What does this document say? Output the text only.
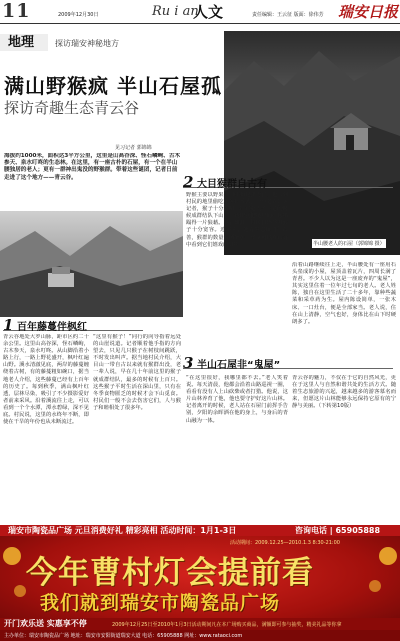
11	2009年12月30日	Ru i an
人文	责任编辑：王云征 版面：徐伟芳 瑞安日报
地理	探访瑞安神秘地方
满山野猴疯 半山石屋孤
探访奇趣生态青云谷
半山腰老人的石屋（郭锦锦 摄）
见习记者 郭锦锦
海拔约1000米，面积达3平方公里，这里是山高谷深、怪石嶙峋、古木参天、泉水叮咚的生态林。在这里，有一座古朴的石屋，有一个在半山腰独居的老人；更有一群神出鬼没的野猴群。带着这些谜团，记者日前走进了这个地方——青云谷。
1 百年藤蔓伴枫红
青云谷地处大罗山脉，距市区约二十余公里。这里山高谷深，怪石嶙峋，古木参天，泉水叮咚。从山脚沿着小路上行，一路上野花盛开，枫叶红遍山野。溪水清澈见底，两岸的藤蔓缠绕着古树，有的藤蔓粗如碗口，据当地老人介绍，这些藤蔓已经有上百年的历史了。每到秋季，满山枫叶红透，层林尽染，吸引了不少摄影爱好者前来采风。沿着溪流往上走，可以看到一个个水潭，潭水碧绿，深不见底。村民说，这里的水终年不断，即使在干旱的年份也从未断流过。
“这里有猴子！”同行的向导指着远处的山崖说道。记者顺着他手指的方向望去，只见几只猴子在树枝间跳跃，不时发出叫声。据当地村民介绍，大目山一带自古以来就有猴群出没，老一辈人说，早在几十年前这里的猴子就成群结队，最多的时候有上百只。这些猴子平时生活在深山里，只有在冬季食物匮乏的时候才会下山觅食。村民们一般不会去伤害它们，人与猴子和睦相处了很多年。
2 大目猴群自古有
野猴主要以野果、树叶和昆虫为食，也会到村民的地里偷吃玉米和番薯。一位老农告诉记者，猴子十分聪明，往往趁人不注意的时候成群结队下山，一转眼就把地里的庄稼糟蹋得一片狼藉。尽管如此，村民们仍然对猴子十分宽容。近年来，随着生态环境的改善，猴群的数量有所增加，经常可以在山谷中看到它们嬉戏的身影。
沿着山路继续往上走，半山腰处有一座用石头垒成的小屋，屋顶盖着瓦片，四周长满了青苔。不少人以为这是一座废弃的“鬼屋”，其实这里住着一位年过七旬的老人。老人姓陈，独自在这里生活了二十多年，靠种些蔬菜和采草药为生。屋内陈设简单，一张木床、一口灶台，便是全部家当。老人说，住在山上清静，空气也好，身体比在山下时硬朗多了。
3 半山石屋非“鬼屋”
“在这里很好，我哪里都不去。”老人笑着说。每天清晨，他都会沿着山路巡视一圈，看看有没有人上山砍柴或者打猎。他说，这片山林养育了他，他也要守护好这片山林。记者离开的时候，老人站在石屋门前挥手告别，夕阳的余晖洒在他的身上，与身后的青山融为一体。
青云谷的魅力，不仅在于它的自然风光，更在于这里人与自然和谐共处的生活方式。随着生态旅游的兴起，越来越多的游客慕名而来，但愿这片山林能够永远保持它原有的宁静与美丽。（下转第10版）
瑞安市陶瓷品广场 元旦消费好礼 精彩亮相 活动时间：1月1-3日	咨询电话 | 65905888
活动期间：2009.12.25—2010.1.3 8:30-21:00
今年曹村灯会提前看
我们就到瑞安市陶瓷品广场
开门欢乐送 实惠享不停	2009年12月25日至2010年1月3日活动期间凡在本广场购买商品，满额即可参与抽奖，精美礼品等你拿
主办单位：瑞安市陶瓷品广场 地址：瑞安市安阳街道瑞安大道 电话：65905888 网址：www.rataoci.com
